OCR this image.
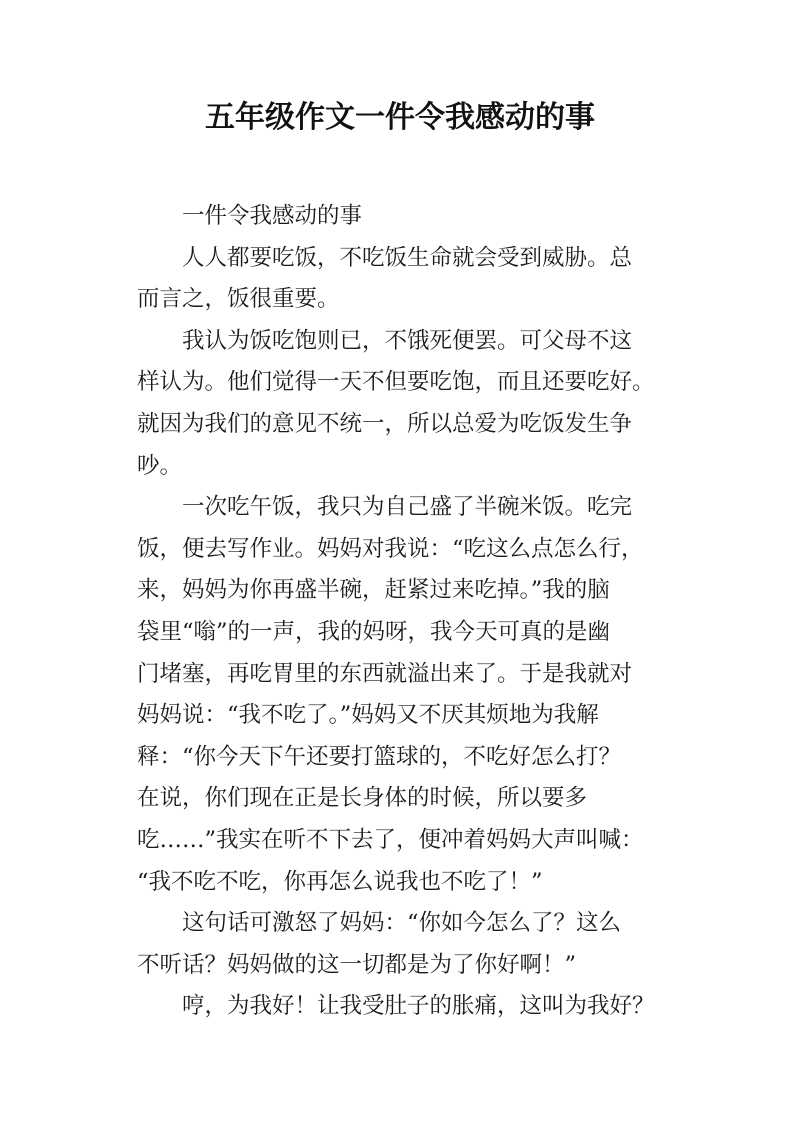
五年级作文一件令我感动的事
一件令我感动的事
人人都要吃饭，不吃饭生命就会受到威胁。总
而言之，饭很重要。
我认为饭吃饱则已，不饿死便罢。可父母不这
样认为。他们觉得一天不但要吃饱，而且还要吃好。
就因为我们的意见不统一，所以总爱为吃饭发生争
吵。
一次吃午饭，我只为自己盛了半碗米饭。吃完
饭，便去写作业。妈妈对我说：“吃这么点怎么行，
来，妈妈为你再盛半碗，赶紧过来吃掉。”我的脑
袋里“嗡”的一声，我的妈呀，我今天可真的是幽
门堵塞，再吃胃里的东西就溢出来了。于是我就对
妈妈说：“我不吃了。”妈妈又不厌其烦地为我解
释：“你今天下午还要打篮球的，不吃好怎么打？
在说，你们现在正是长身体的时候，所以要多
吃……”我实在听不下去了，便冲着妈妈大声叫喊：
“我不吃不吃，你再怎么说我也不吃了！”
这句话可激怒了妈妈：“你如今怎么了？这么
不听话？妈妈做的这一切都是为了你好啊！”
哼，为我好！让我受肚子的胀痛，这叫为我好？
